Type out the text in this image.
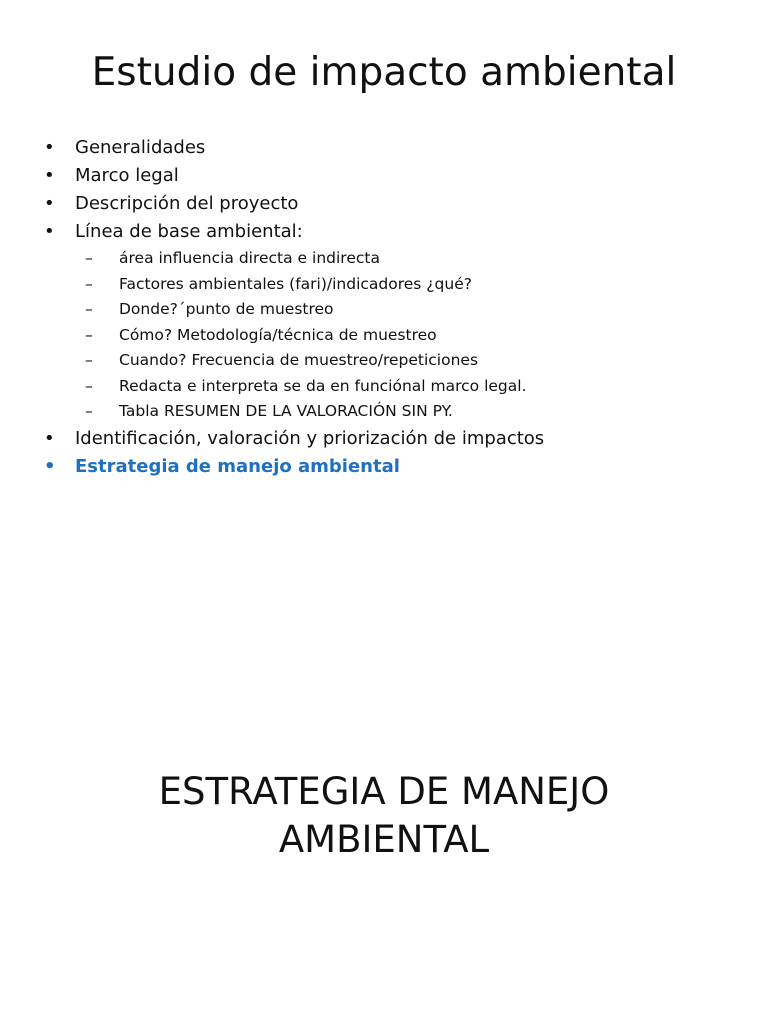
Estudio de impacto ambiental
•	Generalidades
•	Marco legal
•	Descripción del proyecto
•	Línea de base ambiental:
–	área influencia directa e indirecta
–	Factores ambientales (fari)/indicadores ¿qué?
–	Donde?´punto de muestreo
–	Cómo? Metodología/técnica de muestreo
–	Cuando? Frecuencia de muestreo/repeticiones
–	Redacta e interpreta se da en funciónal marco legal.
–	Tabla RESUMEN DE LA VALORACIÓN SIN PY.
•	Identificación, valoración y priorización de impactos
•	Estrategia de manejo ambiental
ESTRATEGIA DE MANEJO
AMBIENTAL
